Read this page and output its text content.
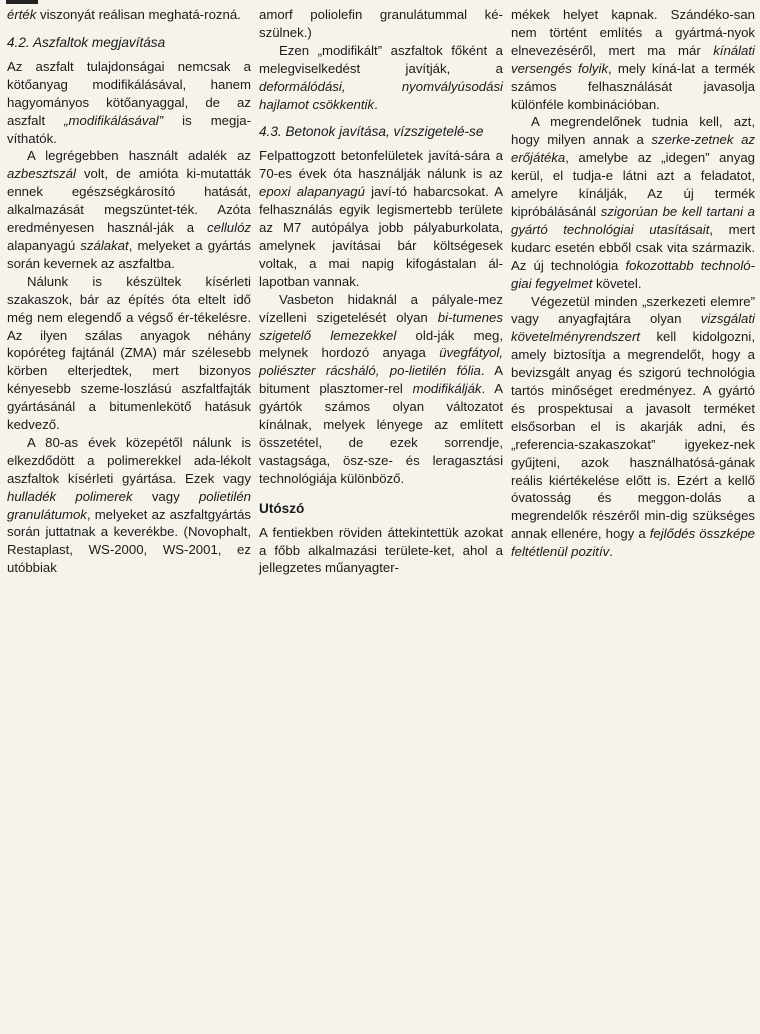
érték viszonyát reálisan meghatá-rozná.

4.2. Aszfaltok megjavítása

Az aszfalt tulajdonságai nemcsak a kötőanyag modifikálásával, hanem hagyományos kötőanyaggal, de az aszfalt „modifikálásával” is megja-víthatók.

A legrégebben használt adalék az azbesztszál volt, de amióta ki-mutatták ennek egészségkárosító hatását, alkalmazását megszüntet-ték. Azóta eredményesen használ-ják a cellulóz alapanyagú szálakat, melyeket a gyártás során kevernek az aszfaltba.

Nálunk is készültek kísérleti szakaszok, bár az építés óta eltelt idő még nem elegendő a végső ér-tékelésre. Az ilyen szálas anyagok néhány kopóréteg fajtánál (ZMA) már szélesebb körben elterjedtek, mert bizonyos kényesebb szeme-loszlású aszfaltfajták gyártásánál a bitumenlekötő hatásuk kedvező.

A 80-as évek közepétől nálunk is elkezdődött a polimerekkel ada-lékolt aszfaltok kísérleti gyártása. Ezek vagy hulladék polimerek vagy polietilén granulátumok, melyeket az aszfaltgyártás során juttatnak a keverékbe. (Novophalt, Restaplast, WS-2000, WS-2001, ez utóbbiak

amorf poliolefin granulátummal ké-szülnek.)

Ezen „modifikált” aszfaltok főként a melegviselkedést javítják, a deformálódási, nyomvályúsodási hajlamot csökkentik.

4.3. Betonok javítása, vízszigetelé-se

Felpattogzott betonfelületek javítá-sára a 70-es évek óta használják nálunk is az epoxi alapanyagú javí-tó habarcsokat. A felhasználás egyik legismertebb területe az M7 autópálya jobb pályaburkolata, amelynek javításai bár költségesek voltak, a mai napig kifogástalan ál-lapotban vannak.

Vasbeton hidaknál a pályale-mez vízelleni szigetelését olyan bi-tumenes szigetelő lemezekkel old-ják meg, melynek hordozó anyaga üvegfátyol, poliészter rácsháló, po-lietilén fólia. A bitument plasztomer-rel modifikálják. A gyártók számos olyan változatot kínálnak, melyek lényege az említett összetétel, de ezek sorrendje, vastagsága, ösz-sze- és leragasztási technológiája különböző.

Utószó

A fentiekben röviden áttekintettük azokat a főbb alkalmazási területe-ket, ahol a jellegzetes műanyagter-

mékek helyet kapnak. Szándéko-san nem történt említés a gyártmá-nyok elnevezéséről, mert ma már kínálati versengés folyik, mely kíná-lat a termék számos felhasználását javasolja különféle kombinációban.

A megrendelőnek tudnia kell, azt, hogy milyen annak a szerke-zetnek az erőjátéka, amelybe az „idegen” anyag kerül, el tudja-e látni azt a feladatot, amelyre kínálják, Az új termék kipróbálásánál szigorúan be kell tartani a gyártó technológiai utasításait, mert kudarc esetén ebből csak vita származik. Az új technológia fokozottabb technoló-giai fegyelmet követel.

Végezetül minden „szerkezeti elemre” vagy anyagfajtára olyan vizsgálati követelményrendszert kell kidolgozni, amely biztosítja a megrendelőt, hogy a bevizsgált anyag és szigorú technológia tartós minőséget eredményez. A gyártó és prospektusai a javasolt terméket elsősorban el is akarják adni, és „referencia-szakaszokat” igyekez-nek gyűjteni, azok használhatósá-gának reális kiértékelése előtt is. Ezért a kellő óvatosság és meggon-dolás a megrendelők részéről min-dig szükséges annak ellenére, hogy a fejlődés összképe feltétlenül pozitív.
